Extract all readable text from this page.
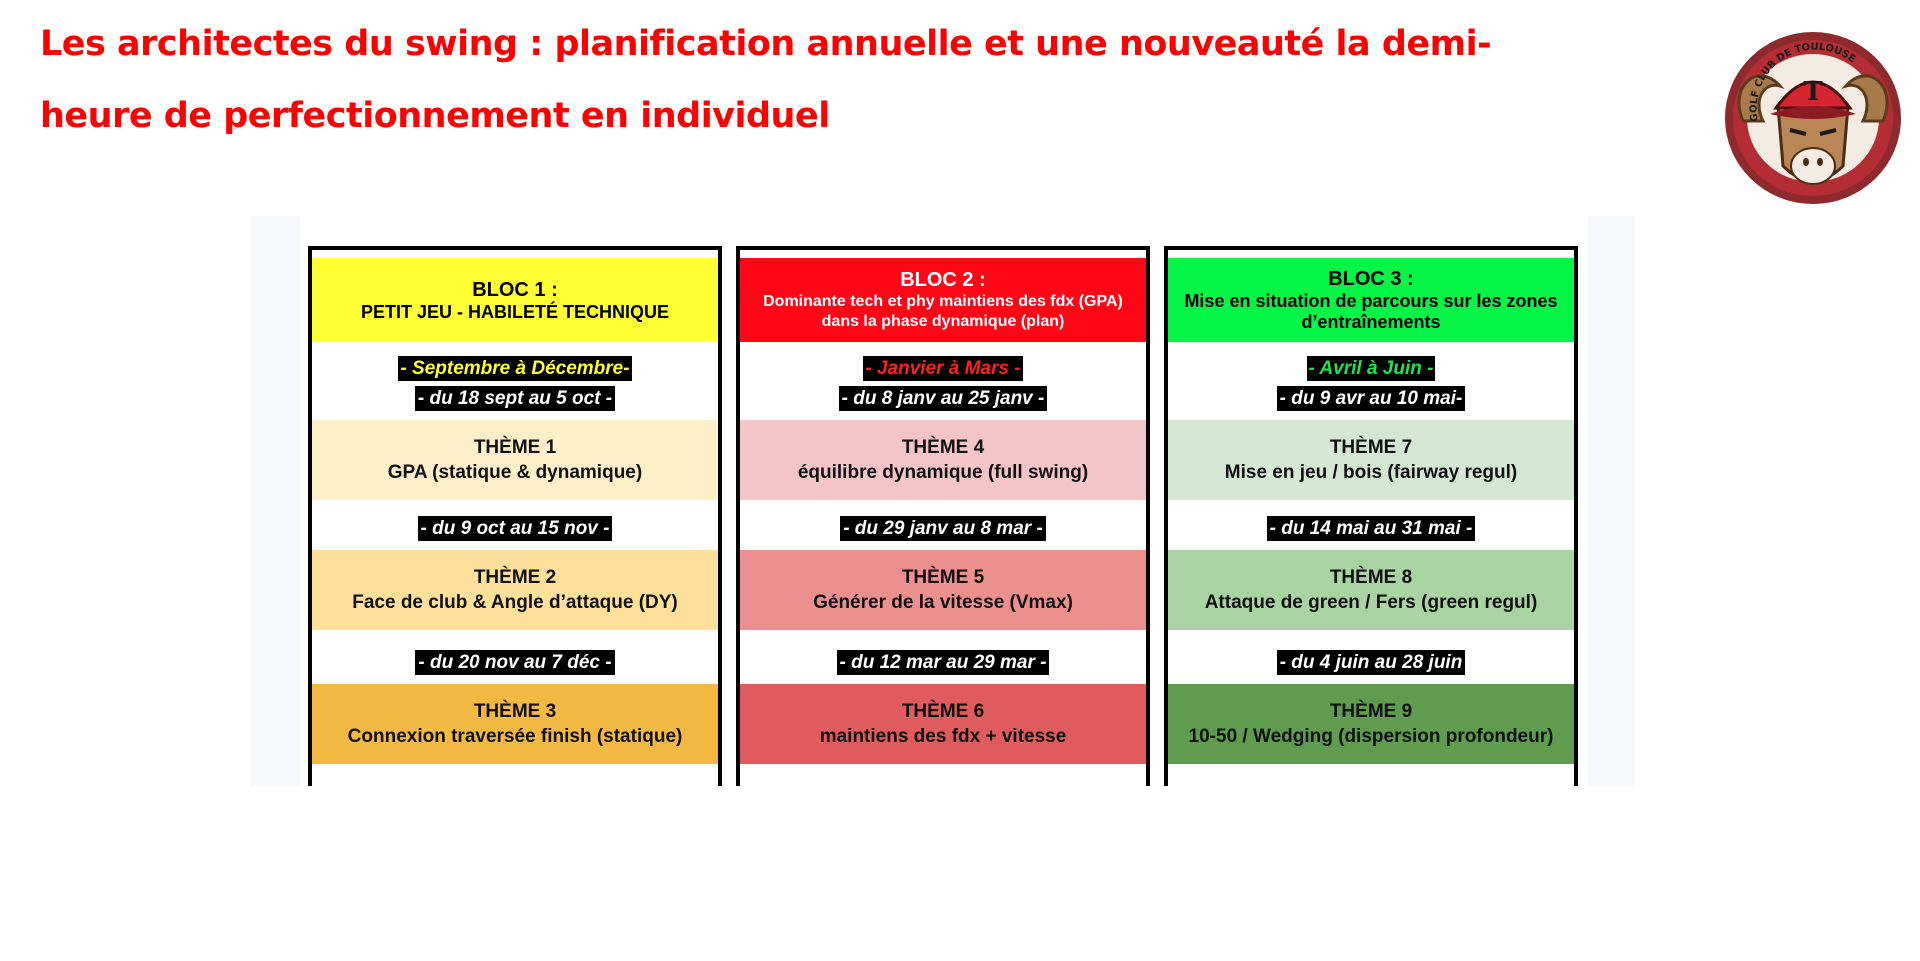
Les architectes du swing : planification annuelle et une nouveauté la demi-heure de perfectionnement en individuel
T
GOLF CLUB DE TOULOUSE
BLOC 1 :
PETIT JEU - HABILETÉ TECHNIQUE
- Septembre à Décembre-
- du 18 sept au 5 oct -
THÈME 1
GPA (statique & dynamique)
- du 9 oct au 15 nov -
THÈME 2
Face de club & Angle d’attaque (DY)
- du 20 nov au 7 déc -
THÈME 3
Connexion traversée finish (statique)
BLOC 2 :
Dominante tech et phy maintiens des fdx (GPA) dans la phase dynamique (plan)
- Janvier à Mars -
- du 8 janv au 25 janv -
THÈME 4
équilibre dynamique (full swing)
- du 29 janv au 8 mar -
THÈME 5
Générer de la vitesse (Vmax)
- du 12 mar au 29 mar -
THÈME 6
maintiens des fdx + vitesse
BLOC 3 :
Mise en situation de parcours sur les zones d’entraînements
- Avril à Juin -
- du 9 avr au 10 mai-
THÈME 7
Mise en jeu / bois (fairway regul)
- du 14 mai au 31 mai -
THÈME 8
Attaque de green / Fers (green regul)
- du 4 juin au 28 juin
THÈME 9
10-50 / Wedging (dispersion profondeur)
